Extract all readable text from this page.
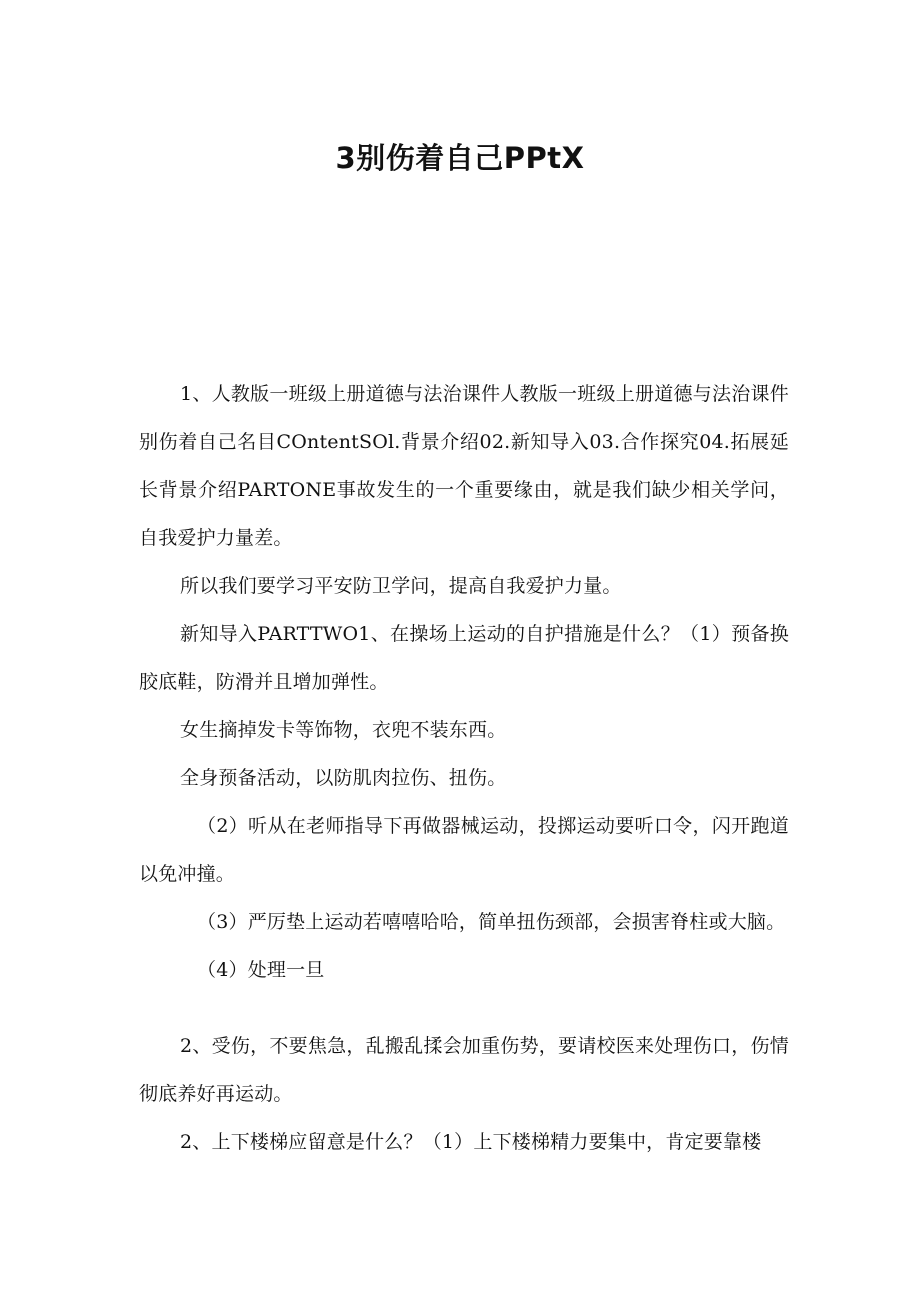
3别伤着自己PPtX

1、人教版一班级上册道德与法治课件人教版一班级上册道德与法治课件别伤着自己名目COntentSOl.背景介绍02.新知导入03.合作探究04.拓展延长背景介绍PARTONE事故发生的一个重要缘由，就是我们缺少相关学问，自我爱护力量差。

所以我们要学习平安防卫学问，提高自我爱护力量。

新知导入PARTTWO1、在操场上运动的自护措施是什么？（1）预备换胶底鞋，防滑并且增加弹性。

女生摘掉发卡等饰物，衣兜不装东西。

全身预备活动，以防肌肉拉伤、扭伤。

（2）听从在老师指导下再做器械运动，投掷运动要听口令，闪开跑道以免冲撞。

（3）严厉垫上运动若嘻嘻哈哈，简单扭伤颈部，会损害脊柱或大脑。

（4）处理一旦

2、受伤，不要焦急，乱搬乱揉会加重伤势，要请校医来处理伤口，伤情彻底养好再运动。

2、上下楼梯应留意是什么？（1）上下楼梯精力要集中，肯定要靠楼
